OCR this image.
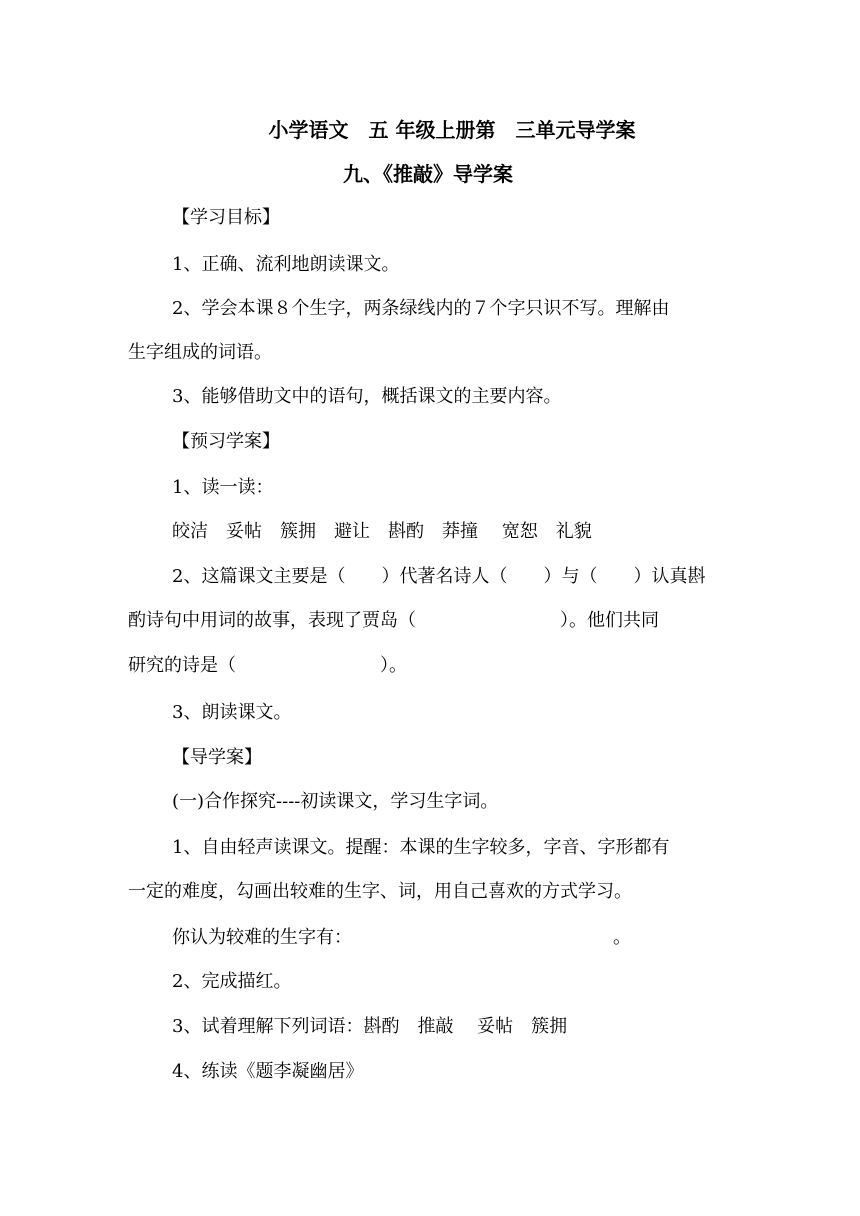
小学语文　五 年级上册第　三单元导学案
九、《推敲》导学案
【学习目标】
1、正确、流利地朗读课文。
2、学会本课８个生字，两条绿线内的７个字只识不写。理解由
生字组成的词语。
3、能够借助文中的语句，概括课文的主要内容。
【预习学案】
1、读一读：
皎洁　妥帖　簇拥　避让　斟酌　莽撞　 宽恕　礼貌
2、这篇课文主要是（　　）代著名诗人（　　）与（　　）认真斟
酌诗句中用词的故事，表现了贾岛（　　　　　　　　）。他们共同
研究的诗是（　　　　　　　　）。
3、朗读课文。
【导学案】
(一)合作探究----初读课文，学习生字词。
1、自由轻声读课文。提醒：本课的生字较多，字音、字形都有
一定的难度，勾画出较难的生字、词，用自己喜欢的方式学习。
你认为较难的生字有：　　　　　　　　　　　　　　　。
2、完成描红。
3、试着理解下列词语：斟酌　推敲　 妥帖　簇拥
4、练读《题李凝幽居》
